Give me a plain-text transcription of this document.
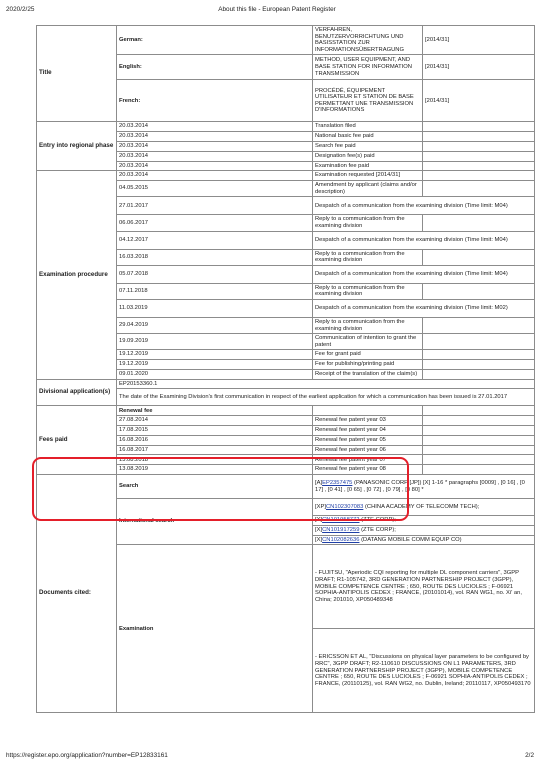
2020/2/25	About this file - European Patent Register
Title	German:	VERFAHREN, BENUTZERVORRICHTUNG UND BASISSTATION ZUR INFORMATIONSÜBERTRAGUNG	[2014/31]
	English:	METHOD, USER EQUIPMENT, AND BASE STATION FOR INFORMATION TRANSMISSION	[2014/31]
	French:	PROCÉDÉ, ÉQUIPEMENT UTILISATEUR ET STATION DE BASE PERMETTANT UNE TRANSMISSION D'INFORMATIONS	[2014/31]
Entry into regional phase	20.03.2014	Translation filed	
	20.03.2014	National basic fee paid	
	20.03.2014	Search fee paid	
	20.03.2014	Designation fee(s) paid	
	20.03.2014	Examination fee paid	
Examination procedure	20.03.2014	Examination requested [2014/31]	
	04.05.2015	Amendment by applicant (claims and/or description)	
	27.01.2017	Despatch of a communication from the examining division (Time limit: M04)	
	06.06.2017	Reply to a communication from the examining division	
	04.12.2017	Despatch of a communication from the examining division (Time limit: M04)	
	16.03.2018	Reply to a communication from the examining division	
	05.07.2018	Despatch of a communication from the examining division (Time limit: M04)	
	07.11.2018	Reply to a communication from the examining division	
	11.03.2019	Despatch of a communication from the examining division (Time limit: M02)	
	29.04.2019	Reply to a communication from the examining division	
	19.09.2019	Communication of intention to grant the patent	
	19.12.2019	Fee for grant paid	
	19.12.2019	Fee for publishing/printing paid	
	09.01.2020	Receipt of the translation of the claim(s)	
Divisional application(s)	EP20153360.1		
	The date of the Examining Division's first communication in respect of the earliest application for which a communication has been issued is 27.01.2017		
Fees paid	Renewal fee		
	27.08.2014	Renewal fee patent year 03	
	17.08.2015	Renewal fee patent year 04	
	16.08.2016	Renewal fee patent year 05	
	16.08.2017	Renewal fee patent year 06	
	13.08.2018	Renewal fee patent year 07	
	13.08.2019	Renewal fee patent year 08	
Documents cited:	Search	[A]EP2357475 (PANASONIC CORP [JP]) [X] 1-16 * paragraphs [0009] , [0 16] , [0 17] , [0 41] , [0 65] , [0 72] , [0 79] , [0 80] *	
	International search	[XP]CN102307083 (CHINA ACADEMY OF TELECOMM TECH);	
		[X]CN101958772 (ZTE CORP);	
		[X]CN101917259 (ZTE CORP);	
		[X]CN102082636 (DATANG MOBILE COMM EQUIP CO)	
	Examination	- FUJITSU, "Aperiodic CQI reporting for multiple DL component carriers", 3GPP DRAFT; R1-105742, 3RD GENERATION PARTNERSHIP PROJECT (3GPP), MOBILE COMPETENCE CENTRE ; 650, ROUTE DES LUCIOLES ; F-06921 SOPHIA-ANTIPOLIS CEDEX ; FRANCE, (20101014), vol. RAN WG1, no. Xi' an, China; 201010, XP050489348	
		- ERICSSON ET AL, "Discussions on physical layer parameters to be configured by RRC", 3GPP DRAFT; R2-110610 DISCUSSIONS ON L1 PARAMETERS, 3RD GENERATION PARTNERSHIP PROJECT (3GPP), MOBILE COMPETENCE CENTRE ; 650, ROUTE DES LUCIOLES ; F-06921 SOPHIA-ANTIPOLIS CEDEX ; FRANCE, (20110125), vol. RAN WG2, no. Dublin, Ireland; 20110117, XP050493170	
https://register.epo.org/application?number=EP12833161	2/2
